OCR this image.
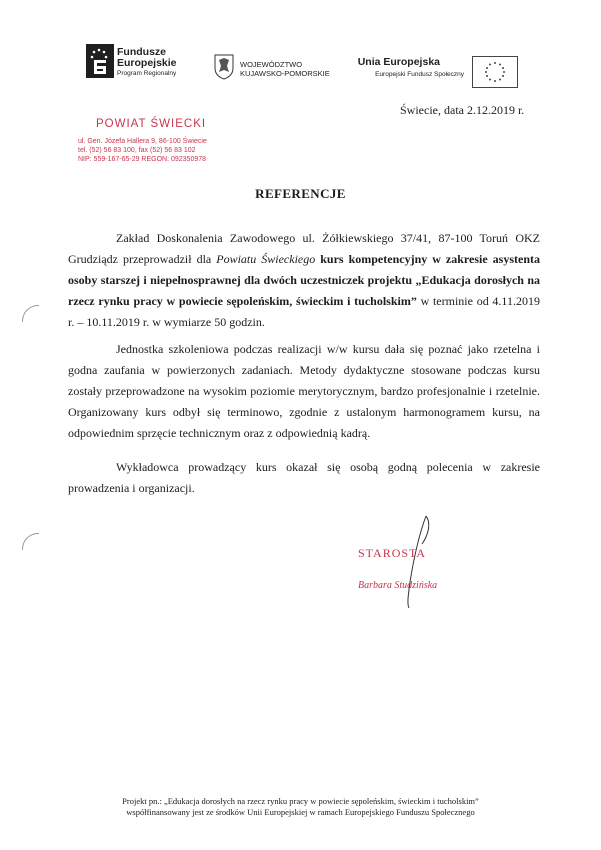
Fundusze
Europejskie
Program Regionalny
WOJEWÓDZTWO
KUJAWSKO-POMORSKIE
Unia Europejska
Europejski Fundusz Społeczny
Świecie, data 2.12.2019 r.
POWIAT ŚWIECKI
ul. Gen. Józefa Hallera 9, 86-100 Świecie
tel. (52) 56 83 100, fax (52) 56 83 102
NIP: 559-167-65-29 REGON: 092350978
REFERENCJE
Zakład Doskonalenia Zawodowego ul. Żółkiewskiego 37/41, 87-100 Toruń OKZ Grudziądz przeprowadził dla Powiatu Świeckiego kurs kompetencyjny w zakresie asystenta osoby starszej i niepełnosprawnej dla dwóch uczestniczek projektu „Edukacja dorosłych na rzecz rynku pracy w powiecie sępoleńskim, świeckim i tucholskim” w terminie od 4.11.2019 r. – 10.11.2019 r. w wymiarze 50 godzin.
Jednostka szkoleniowa podczas realizacji w/w kursu dała się poznać jako rzetelna i godna zaufania w powierzonych zadaniach. Metody dydaktyczne stosowane podczas kursu zostały przeprowadzone na wysokim poziomie merytorycznym, bardzo profesjonalnie i rzetelnie. Organizowany kurs odbył się terminowo, zgodnie z ustalonym harmonogramem kursu, na odpowiednim sprzęcie technicznym oraz z odpowiednią kadrą.
Wykładowca prowadzący kurs okazał się osobą godną polecenia w zakresie prowadzenia i organizacji.
STAROSTA
Barbara Studzińska
Projekt pn.: „Edukacja dorosłych na rzecz rynku pracy w powiecie sępoleńskim, świeckim i tucholskim”
współfinansowany jest ze środków Unii Europejskiej w ramach Europejskiego Funduszu Społecznego
